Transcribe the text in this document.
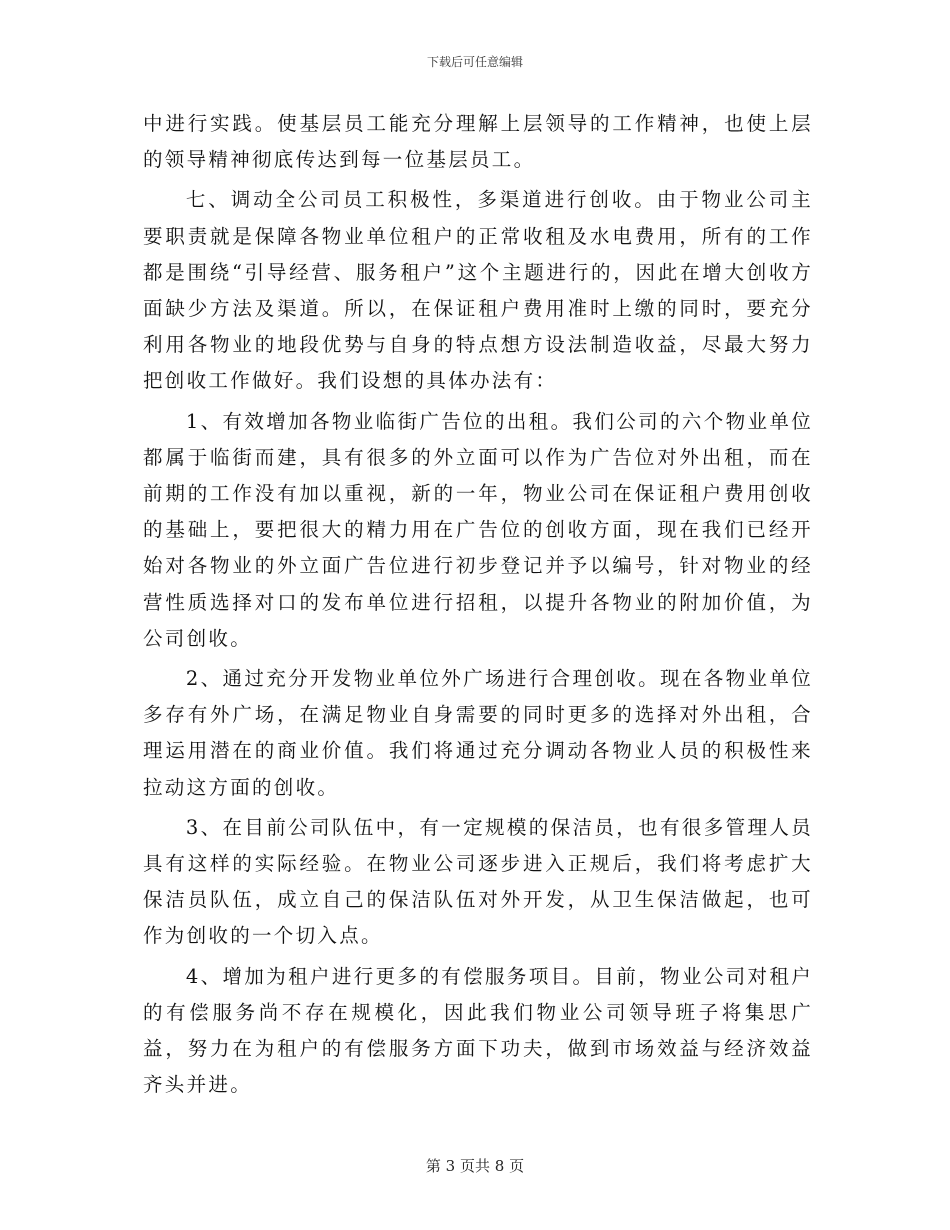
下载后可任意编辑

中进行实践。使基层员工能充分理解上层领导的工作精神，也使上层的领导精神彻底传达到每一位基层员工。

七、调动全公司员工积极性，多渠道进行创收。由于物业公司主要职责就是保障各物业单位租户的正常收租及水电费用，所有的工作都是围绕“引导经营、服务租户”这个主题进行的，因此在增大创收方面缺少方法及渠道。所以，在保证租户费用准时上缴的同时，要充分利用各物业的地段优势与自身的特点想方设法制造收益，尽最大努力把创收工作做好。我们设想的具体办法有：

1、有效增加各物业临街广告位的出租。我们公司的六个物业单位都属于临街而建，具有很多的外立面可以作为广告位对外出租，而在前期的工作没有加以重视，新的一年，物业公司在保证租户费用创收的基础上，要把很大的精力用在广告位的创收方面，现在我们已经开始对各物业的外立面广告位进行初步登记并予以编号，针对物业的经营性质选择对口的发布单位进行招租，以提升各物业的附加价值，为公司创收。

2、通过充分开发物业单位外广场进行合理创收。现在各物业单位多存有外广场，在满足物业自身需要的同时更多的选择对外出租，合理运用潜在的商业价值。我们将通过充分调动各物业人员的积极性来拉动这方面的创收。

3、在目前公司队伍中，有一定规模的保洁员，也有很多管理人员具有这样的实际经验。在物业公司逐步进入正规后，我们将考虑扩大保洁员队伍，成立自己的保洁队伍对外开发，从卫生保洁做起，也可作为创收的一个切入点。

4、增加为租户进行更多的有偿服务项目。目前，物业公司对租户的有偿服务尚不存在规模化，因此我们物业公司领导班子将集思广益，努力在为租户的有偿服务方面下功夫，做到市场效益与经济效益齐头并进。

第 3 页共 8 页
